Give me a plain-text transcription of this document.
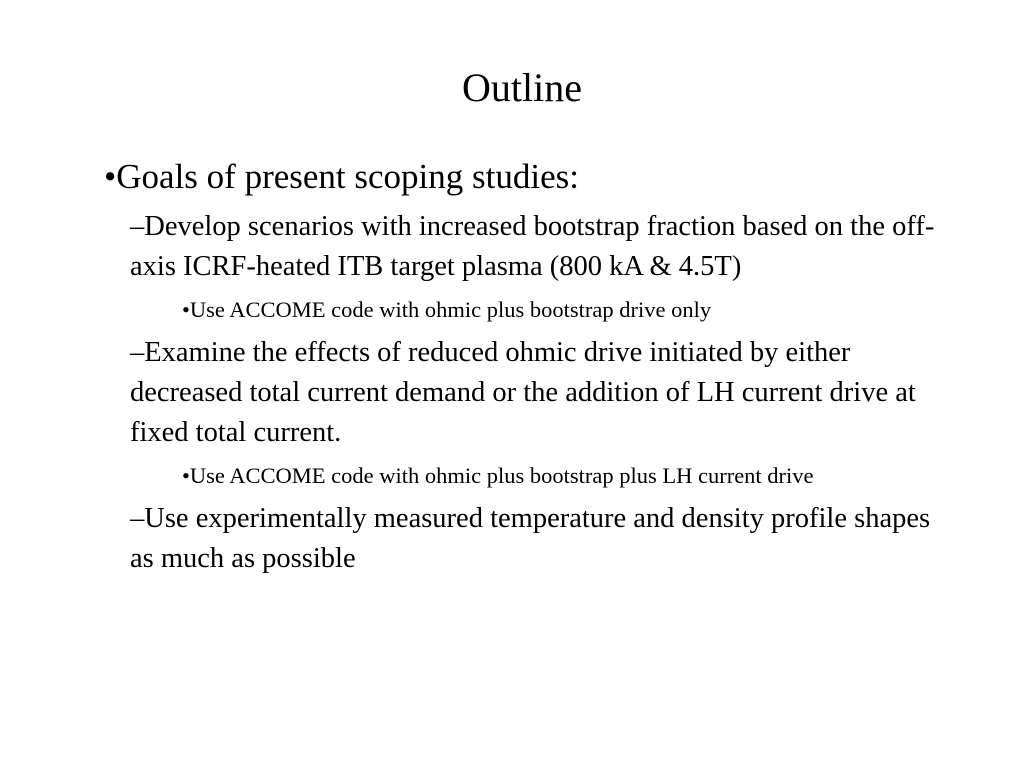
Outline

•Goals of present scoping studies:

–Develop scenarios with increased bootstrap fraction based on the off-axis ICRF-heated ITB target plasma (800 kA & 4.5T)

•Use ACCOME code with ohmic plus bootstrap drive only

–Examine the effects of reduced ohmic drive initiated by either decreased total current demand or the addition of LH current drive at fixed total current.

•Use ACCOME code with ohmic plus bootstrap plus LH current drive

–Use experimentally measured temperature and density profile shapes as much as possible
